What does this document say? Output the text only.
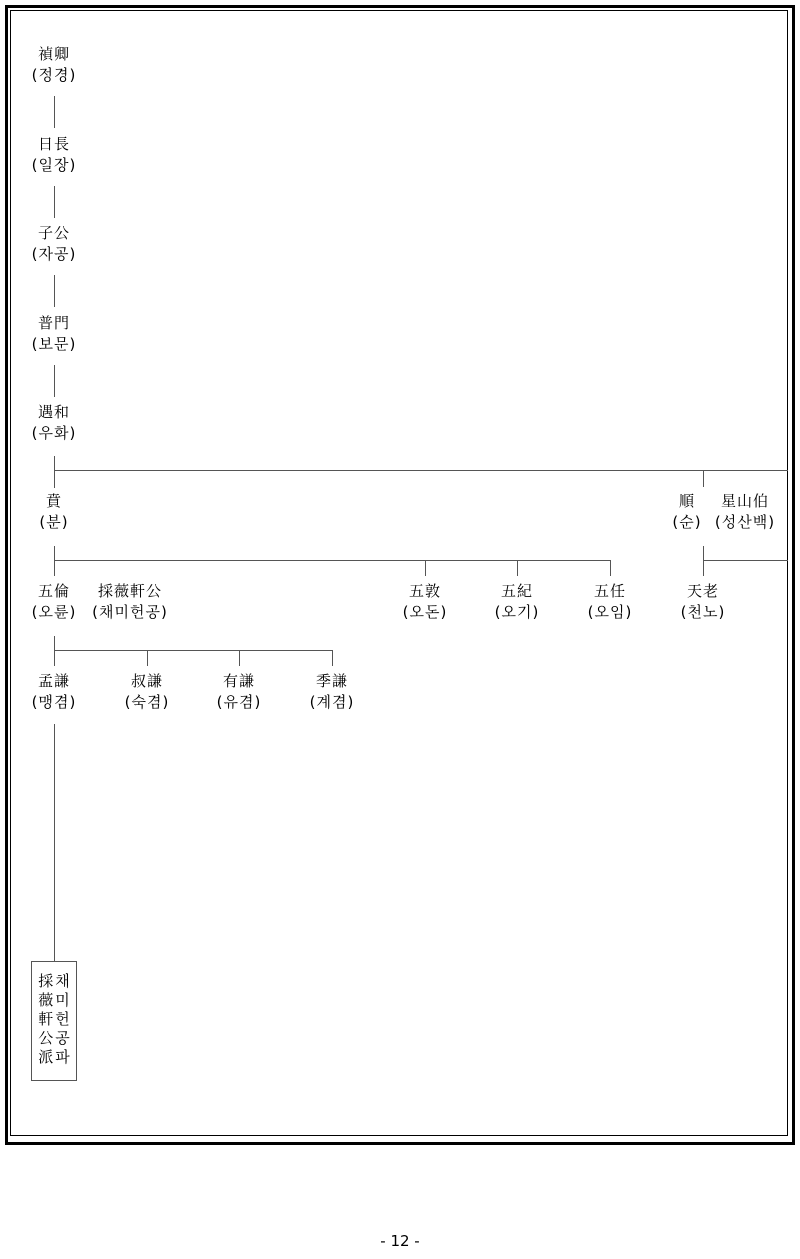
禎卿
(정경)
日長
(일장)
子公
(자공)
普門
(보문)
遇和
(우화)
賁
(분)
順
(순)
星山伯
(성산백)
五倫
(오륜)
採薇軒公
(채미헌공)
五敦
(오돈)
五紀
(오기)
五任
(오임)
天老
(천노)
孟謙
(맹겸)
叔謙
(숙겸)
有謙
(유겸)
季謙
(계겸)
채
미
헌
공
파
採
薇
軒
公
派
- 12 -
